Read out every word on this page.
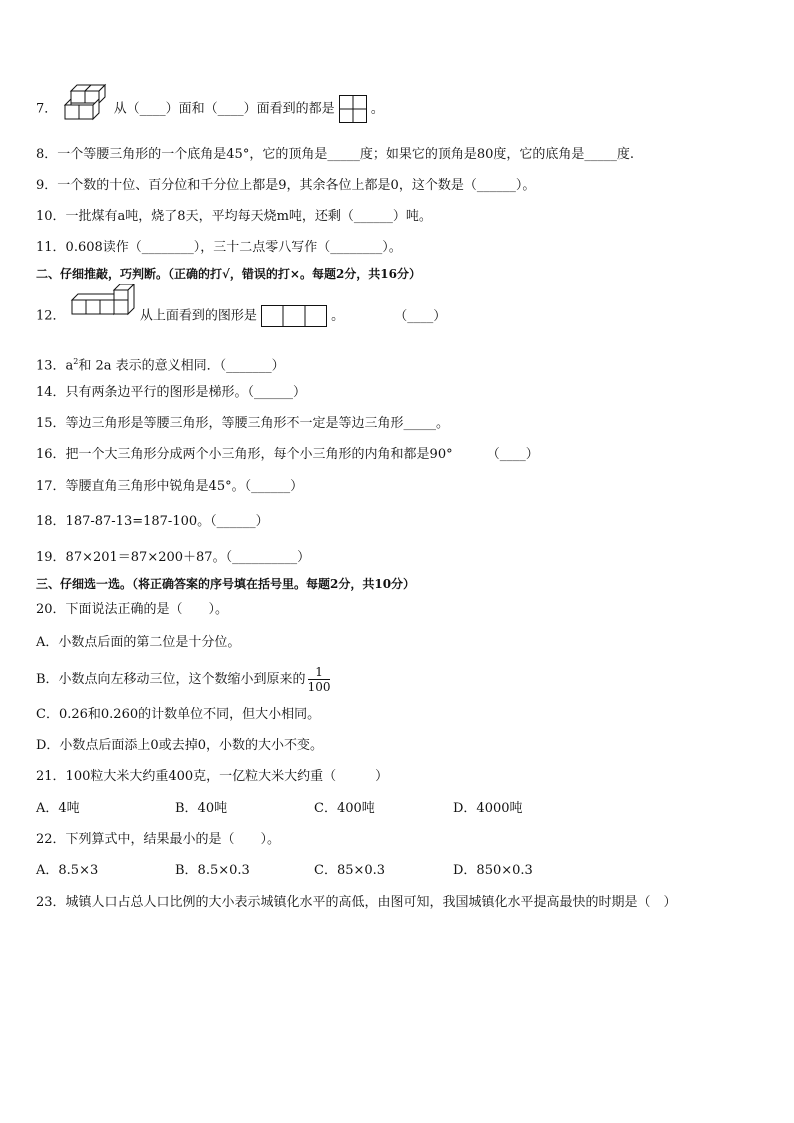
7．	从（____）面和（____）面看到的都是	。
8．一个等腰三角形的一个底角是45°，它的顶角是_____度；如果它的顶角是80度，它的底角是_____度.
9．一个数的十位、百分位和千分位上都是9，其余各位上都是0，这个数是（______）。
10．一批煤有a吨，烧了8天，平均每天烧m吨，还剩（______）吨。
11．0.608读作（________），三十二点零八写作（________）。
二、仔细推敲，巧判断。（正确的打√，错误的打×。每题2分，共16分）
12．	从上面看到的图形是	。	（____）
13．$a^2$和 2a 表示的意义相同．（_______）
14．只有两条边平行的图形是梯形。（______）
15．等边三角形是等腰三角形，等腰三角形不一定是等边三角形_____。
16．把一个大三角形分成两个小三角形，每个小三角形的内角和都是90°	（____）
17．等腰直角三角形中锐角是45°。（______）
18．187-87-13=187-100。（______）
19．87×201＝87×200＋87。（__________）
三、仔细选一选。（将正确答案的序号填在括号里。每题2分，共10分）
20．下面说法正确的是（　　）。
A．小数点后面的第二位是十分位。
B．小数点向左移动三位，这个数缩小到原来的 $\frac{1}{100}$
C．0.26和0.260的计数单位不同，但大小相同。
D．小数点后面添上0或去掉0，小数的大小不变。
21．100粒大米大约重400克，一亿粒大米大约重（　　　）
A．4吨	B．40吨	C．400吨	D．4000吨
22．下列算式中，结果最小的是（　　）。
A．8.5×3	B．8.5×0.3	C．85×0.3	D．850×0.3
23．城镇人口占总人口比例的大小表示城镇化水平的高低，由图可知，我国城镇化水平提高最快的时期是（　）
